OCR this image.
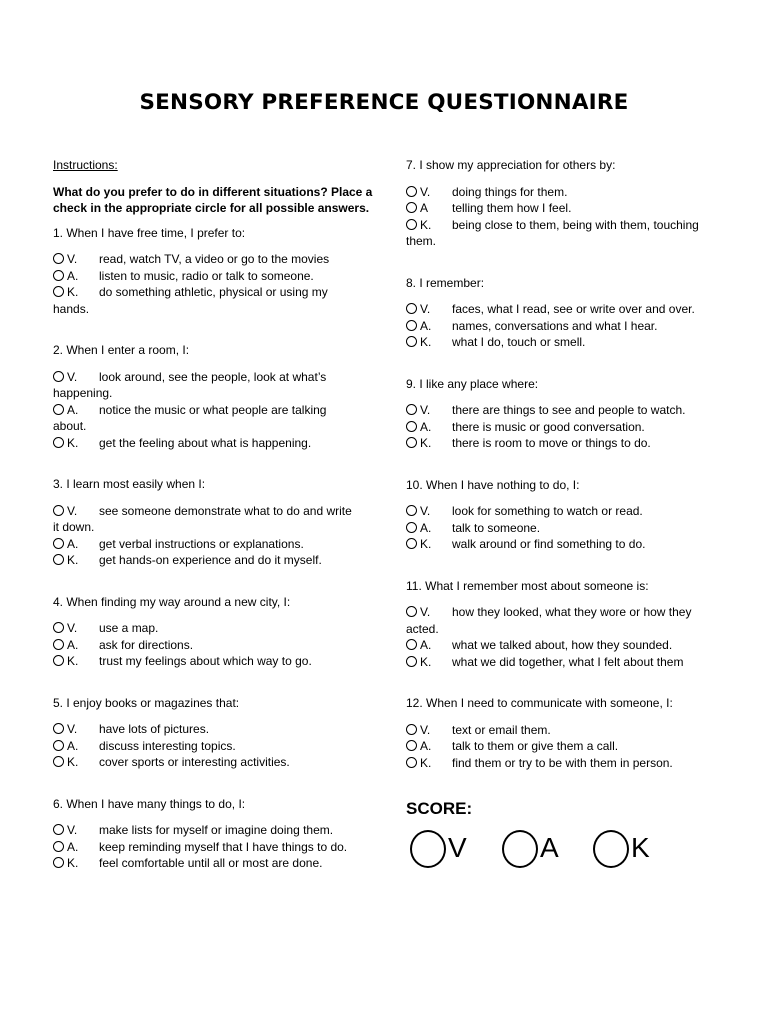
SENSORY PREFERENCE QUESTIONNAIRE
Instructions:
What do you prefer to do in different situations? Place a check in the appropriate circle for all possible answers.
1. When I have free time, I prefer to:
V. read, watch TV, a video or go to the movies
A. listen to music, radio or talk to someone.
K. do something athletic, physical or using my
hands.
2. When I enter a room, I:
V. look around, see the people, look at what’s
happening.
A. notice the music or what people are talking
about.
K. get the feeling about what is happening.
3. I learn most easily when I:
V. see someone demonstrate what to do and write
it down.
A. get verbal instructions or explanations.
K. get hands-on experience and do it myself.
4. When finding my way around a new city, I:
V. use a map.
A. ask for directions.
K. trust my feelings about which way to go.
5. I enjoy books or magazines that:
V. have lots of pictures.
A. discuss interesting topics.
K. cover sports or interesting activities.
6. When I have many things to do, I:
V. make lists for myself or imagine doing them.
A. keep reminding myself that I have things to do.
K. feel comfortable until all or most are done.
7. I show my appreciation for others by:
V. doing things for them.
A telling them how I feel.
K. being close to them, being with them, touching
them.
8. I remember:
V. faces, what I read, see or write over and over.
A. names, conversations and what I hear.
K. what I do, touch or smell.
9. I like any place where:
V. there are things to see and people to watch.
A. there is music or good conversation.
K. there is room to move or things to do.
10. When I have nothing to do, I:
V. look for something to watch or read.
A. talk to someone.
K. walk around or find something to do.
11. What I remember most about someone is:
V. how they looked, what they wore or how they
acted.
A. what we talked about, how they sounded.
K. what we did together, what I felt about them
12. When I need to communicate with someone, I:
V. text or email them.
A. talk to them or give them a call.
K. find them or try to be with them in person.
SCORE:
V	A	K
